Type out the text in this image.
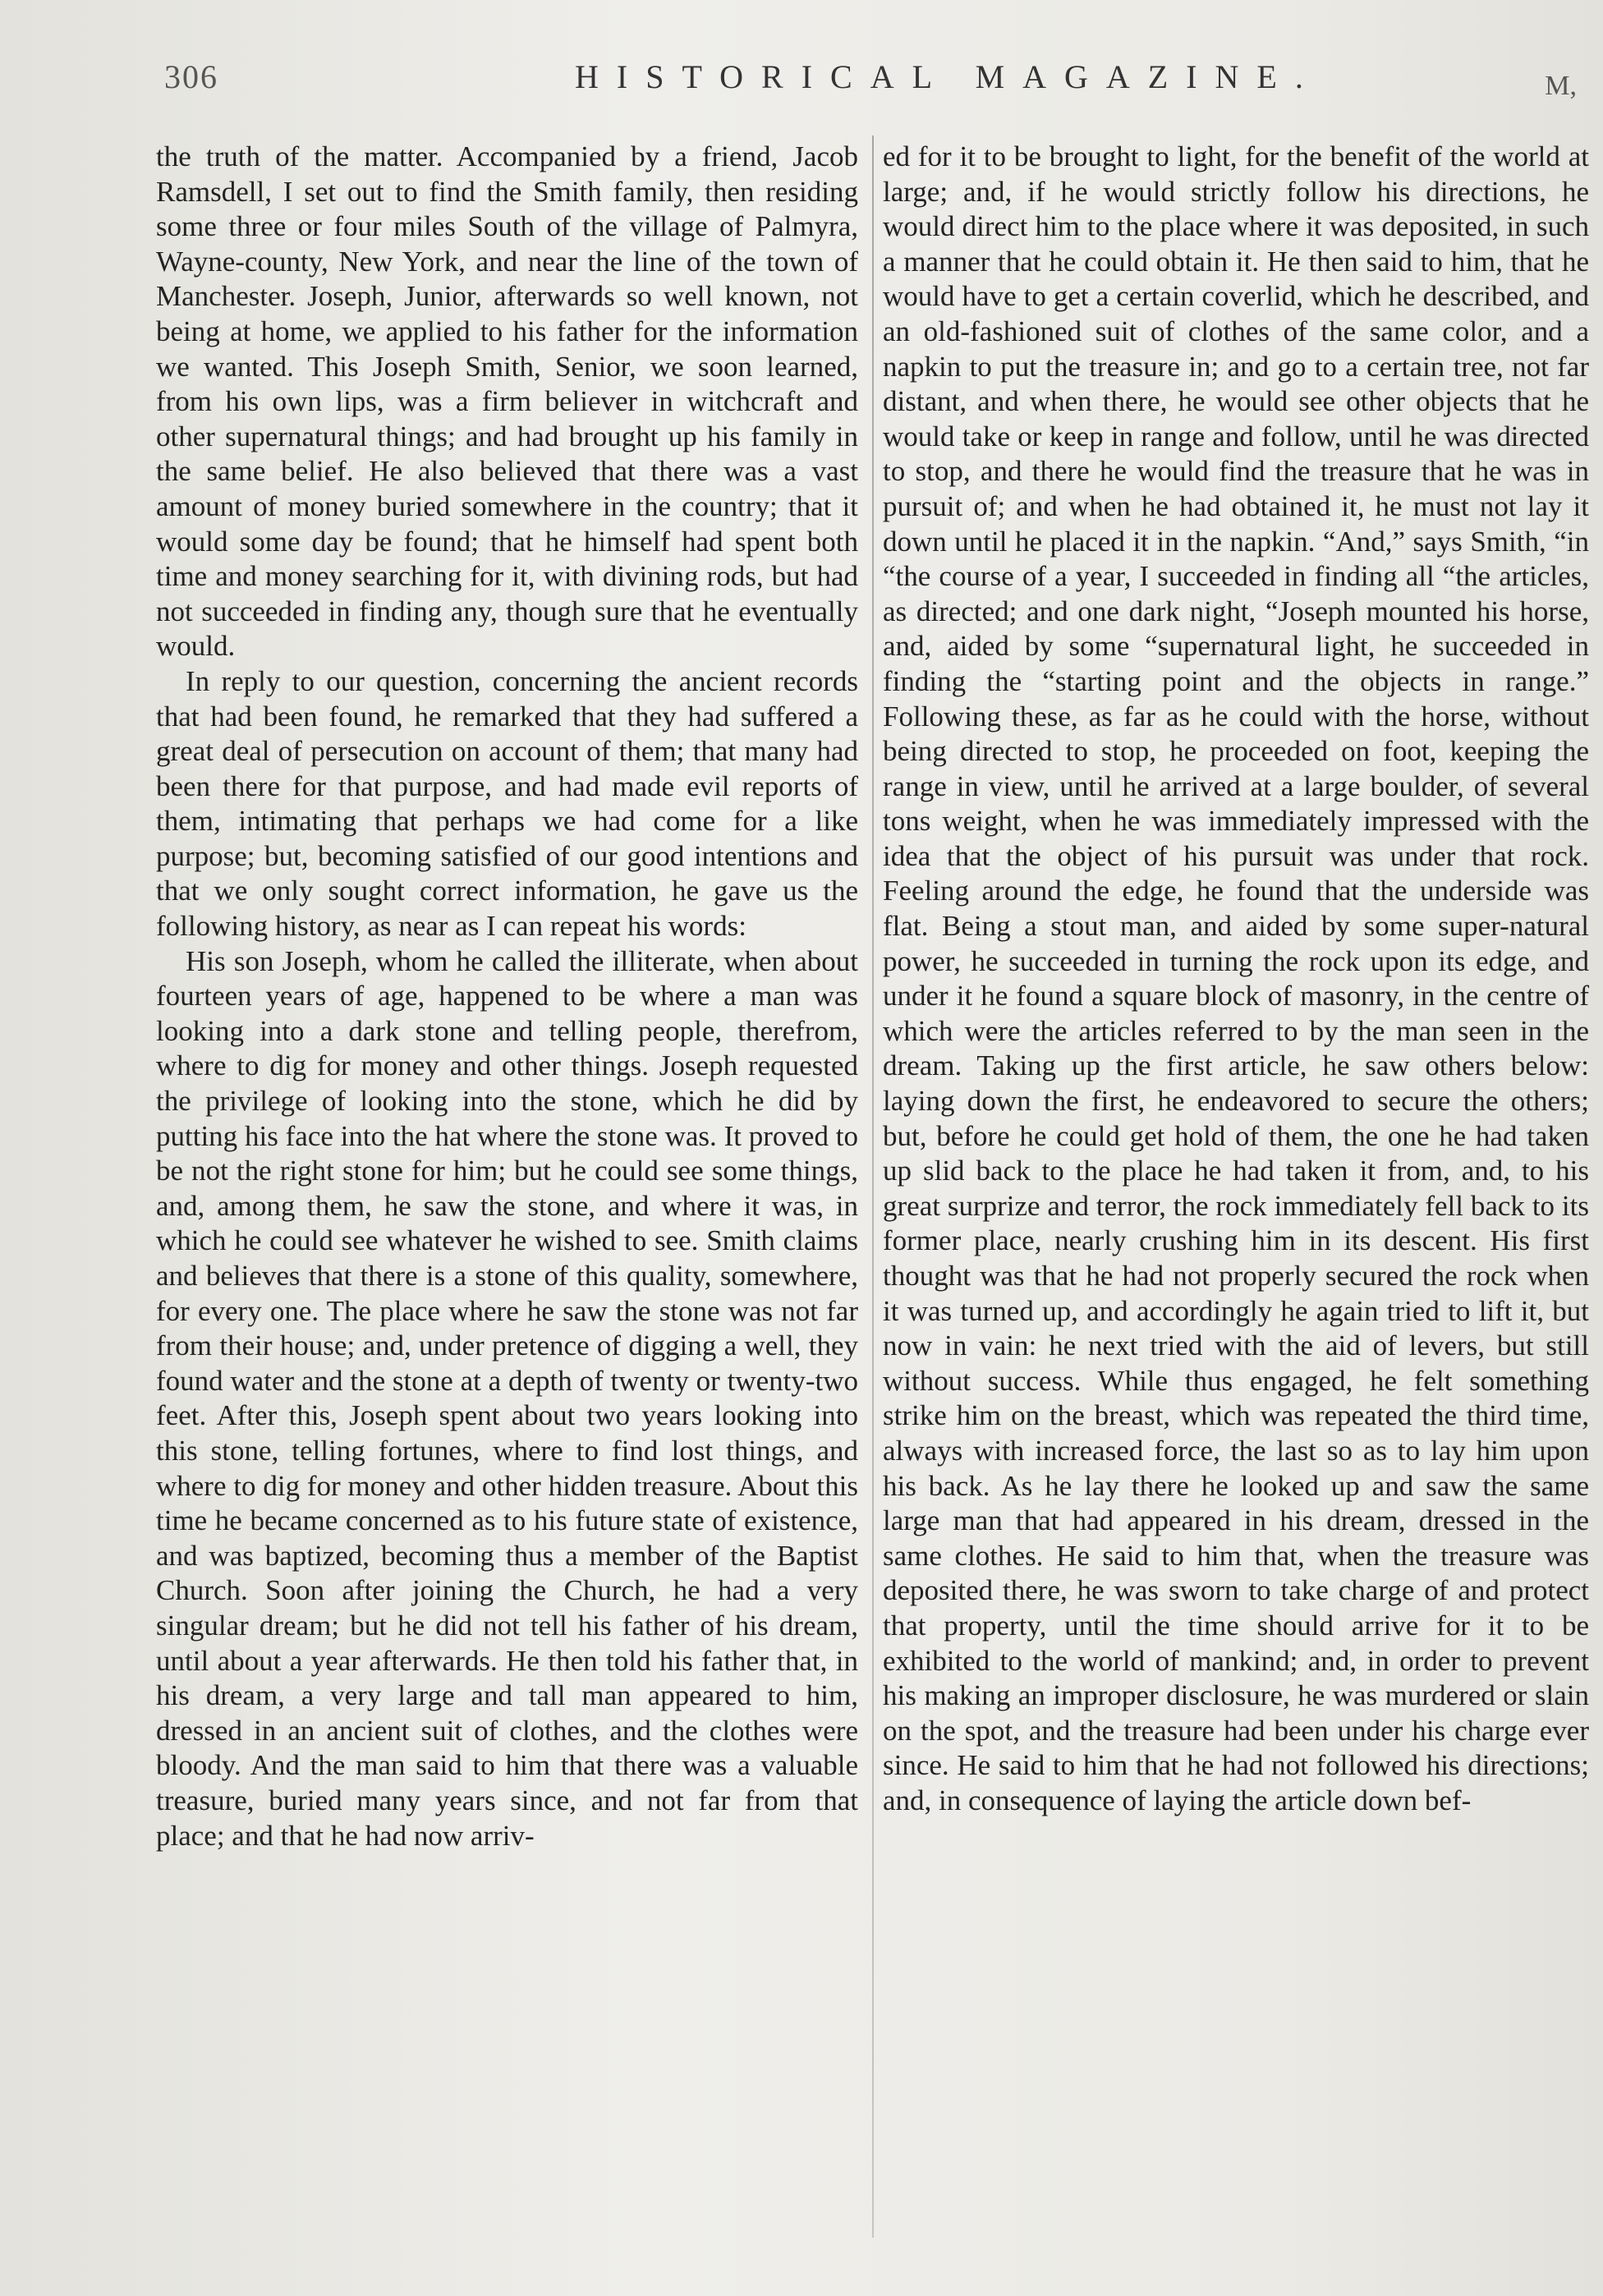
306	HISTORICAL MAGAZINE.	M,

the truth of the matter. Accompanied by a friend, Jacob Ramsdell, I set out to find the Smith family, then residing some three or four miles South of the village of Palmyra, Wayne-county, New York, and near the line of the town of Manchester. Joseph, Junior, afterwards so well known, not being at home, we applied to his father for the information we wanted. This Joseph Smith, Senior, we soon learned, from his own lips, was a firm believer in witchcraft and other supernatural things; and had brought up his family in the same belief. He also believed that there was a vast amount of money buried somewhere in the country; that it would some day be found; that he himself had spent both time and money searching for it, with divining rods, but had not succeeded in finding any, though sure that he eventually would.

In reply to our question, concerning the ancient records that had been found, he remarked that they had suffered a great deal of persecution on account of them; that many had been there for that purpose, and had made evil reports of them, intimating that perhaps we had come for a like purpose; but, becoming satisfied of our good intentions and that we only sought correct information, he gave us the following history, as near as I can repeat his words:

His son Joseph, whom he called the illiterate, when about fourteen years of age, happened to be where a man was looking into a dark stone and telling people, therefrom, where to dig for money and other things. Joseph requested the privilege of looking into the stone, which he did by putting his face into the hat where the stone was. It proved to be not the right stone for him; but he could see some things, and, among them, he saw the stone, and where it was, in which he could see whatever he wished to see. Smith claims and believes that there is a stone of this quality, somewhere, for every one. The place where he saw the stone was not far from their house; and, under pretence of digging a well, they found water and the stone at a depth of twenty or twenty-two feet. After this, Joseph spent about two years looking into this stone, telling fortunes, where to find lost things, and where to dig for money and other hidden treasure. About this time he became concerned as to his future state of existence, and was baptized, becoming thus a member of the Baptist Church. Soon after joining the Church, he had a very singular dream; but he did not tell his father of his dream, until about a year afterwards. He then told his father that, in his dream, a very large and tall man appeared to him, dressed in an ancient suit of clothes, and the clothes were bloody. And the man said to him that there was a valuable treasure, buried many years since, and not far from that place; and that he had now arriv-

ed for it to be brought to light, for the benefit of the world at large; and, if he would strictly follow his directions, he would direct him to the place where it was deposited, in such a manner that he could obtain it. He then said to him, that he would have to get a certain coverlid, which he described, and an old-fashioned suit of clothes of the same color, and a napkin to put the treasure in; and go to a certain tree, not far distant, and when there, he would see other objects that he would take or keep in range and follow, until he was directed to stop, and there he would find the treasure that he was in pursuit of; and when he had obtained it, he must not lay it down until he placed it in the napkin. “And,” says Smith, “in “the course of a year, I succeeded in finding all “the articles, as directed; and one dark night, “Joseph mounted his horse, and, aided by some “supernatural light, he succeeded in finding the “starting point and the objects in range.” Following these, as far as he could with the horse, without being directed to stop, he proceeded on foot, keeping the range in view, until he arrived at a large boulder, of several tons weight, when he was immediately impressed with the idea that the object of his pursuit was under that rock. Feeling around the edge, he found that the underside was flat. Being a stout man, and aided by some super-natural power, he succeeded in turning the rock upon its edge, and under it he found a square block of masonry, in the centre of which were the articles referred to by the man seen in the dream. Taking up the first article, he saw others below: laying down the first, he endeavored to secure the others; but, before he could get hold of them, the one he had taken up slid back to the place he had taken it from, and, to his great surprize and terror, the rock immediately fell back to its former place, nearly crushing him in its descent. His first thought was that he had not properly secured the rock when it was turned up, and accordingly he again tried to lift it, but now in vain: he next tried with the aid of levers, but still without success. While thus engaged, he felt something strike him on the breast, which was repeated the third time, always with increased force, the last so as to lay him upon his back. As he lay there he looked up and saw the same large man that had appeared in his dream, dressed in the same clothes. He said to him that, when the treasure was deposited there, he was sworn to take charge of and protect that property, until the time should arrive for it to be exhibited to the world of mankind; and, in order to prevent his making an improper disclosure, he was murdered or slain on the spot, and the treasure had been under his charge ever since. He said to him that he had not followed his directions; and, in consequence of laying the article down bef-
